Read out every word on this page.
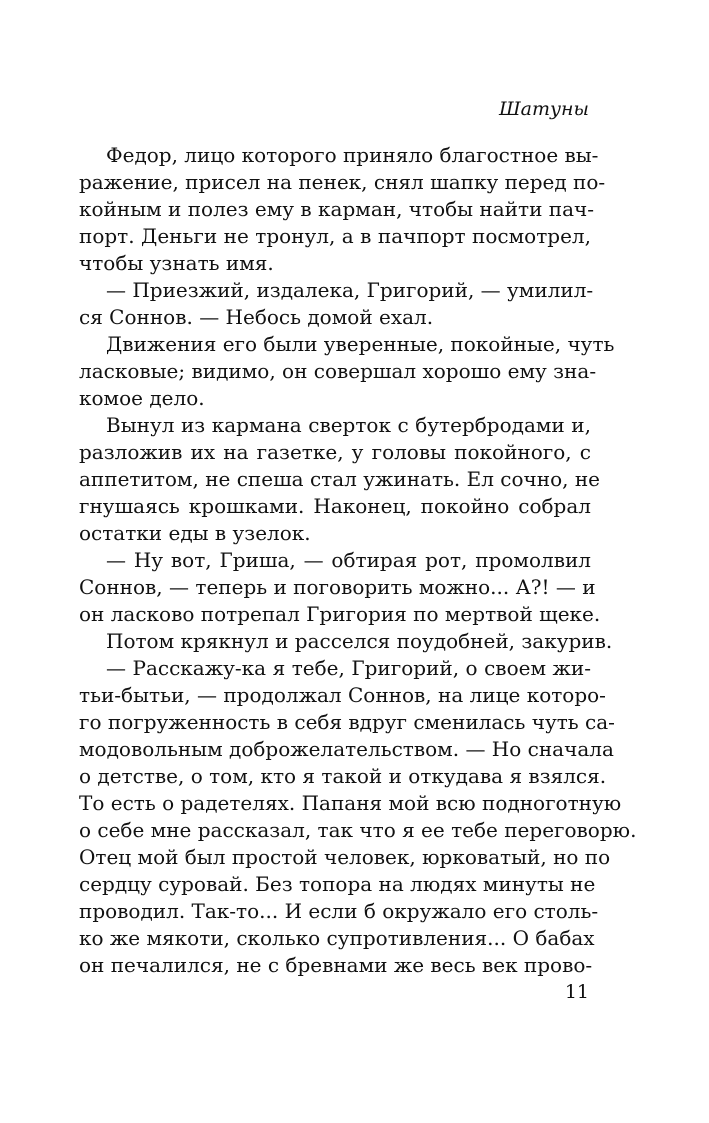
Шатуны
Федор, лицо которого приняло благостное вы-
ражение, присел на пенек, снял шапку перед по-
койным и полез ему в карман, чтобы найти пач-
порт. Деньги не тронул, а в пачпорт посмотрел,
чтобы узнать имя.
— Приезжий, издалека, Григорий, — умилил-
ся Соннов. — Небось домой ехал.
Движения его были уверенные, покойные, чуть
ласковые; видимо, он совершал хорошо ему зна-
комое дело.
Вынул из кармана сверток с бутербродами и,
разложив их на газетке, у головы покойного, с
аппетитом, не спеша стал ужинать. Ел сочно, не
гнушаясь крошками. Наконец, покойно собрал
остатки еды в узелок.
— Ну вот, Гриша, — обтирая рот, промолвил
Соннов, — теперь и поговорить можно... А?! — и
он ласково потрепал Григория по мертвой щеке.
Потом крякнул и расселся поудобней, закурив.
— Расскажу-ка я тебе, Григорий, о своем жи-
тьи-бытьи, — продолжал Соннов, на лице которо-
го погруженность в себя вдруг сменилась чуть са-
модовольным доброжелательством. — Но сначала
о детстве, о том, кто я такой и откудава я взялся.
То есть о радетелях. Папаня мой всю подноготную
о себе мне рассказал, так что я ее тебе переговорю.
Отец мой был простой человек, юрковатый, но по
сердцу суровай. Без топора на людях минуты не
проводил. Так-то... И если б окружало его столь-
ко же мякоти, сколько супротивления... О бабах
он печалился, не с бревнами же весь век прово-
11
